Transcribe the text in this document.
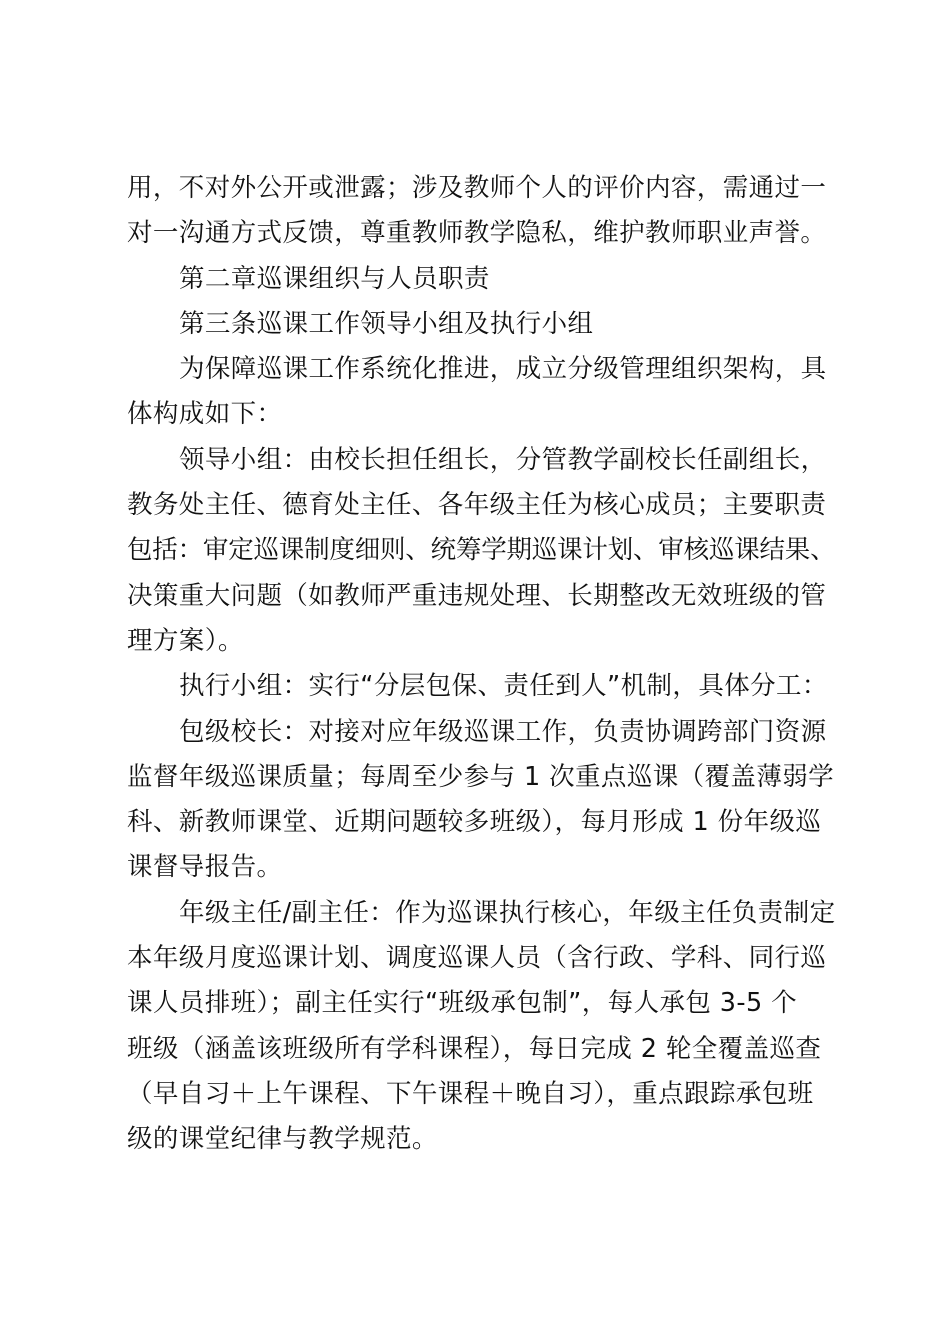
用，不对外公开或泄露；涉及教师个人的评价内容，需通过一
对一沟通方式反馈，尊重教师教学隐私，维护教师职业声誉。
第二章巡课组织与人员职责
第三条巡课工作领导小组及执行小组
为保障巡课工作系统化推进，成立分级管理组织架构，具
体构成如下：
领导小组：由校长担任组长，分管教学副校长任副组长，
教务处主任、德育处主任、各年级主任为核心成员；主要职责
包括：审定巡课制度细则、统筹学期巡课计划、审核巡课结果、
决策重大问题（如教师严重违规处理、长期整改无效班级的管
理方案）。
执行小组：实行“分层包保、责任到人”机制，具体分工：
包级校长：对接对应年级巡课工作，负责协调跨部门资源
监督年级巡课质量；每周至少参与 1 次重点巡课（覆盖薄弱学
科、新教师课堂、近期问题较多班级），每月形成 1 份年级巡
课督导报告。
年级主任/副主任：作为巡课执行核心，年级主任负责制定
本年级月度巡课计划、调度巡课人员（含行政、学科、同行巡
课人员排班）；副主任实行“班级承包制”，每人承包 3-5 个
班级（涵盖该班级所有学科课程），每日完成 2 轮全覆盖巡查
（早自习＋上午课程、下午课程＋晚自习），重点跟踪承包班
级的课堂纪律与教学规范。
